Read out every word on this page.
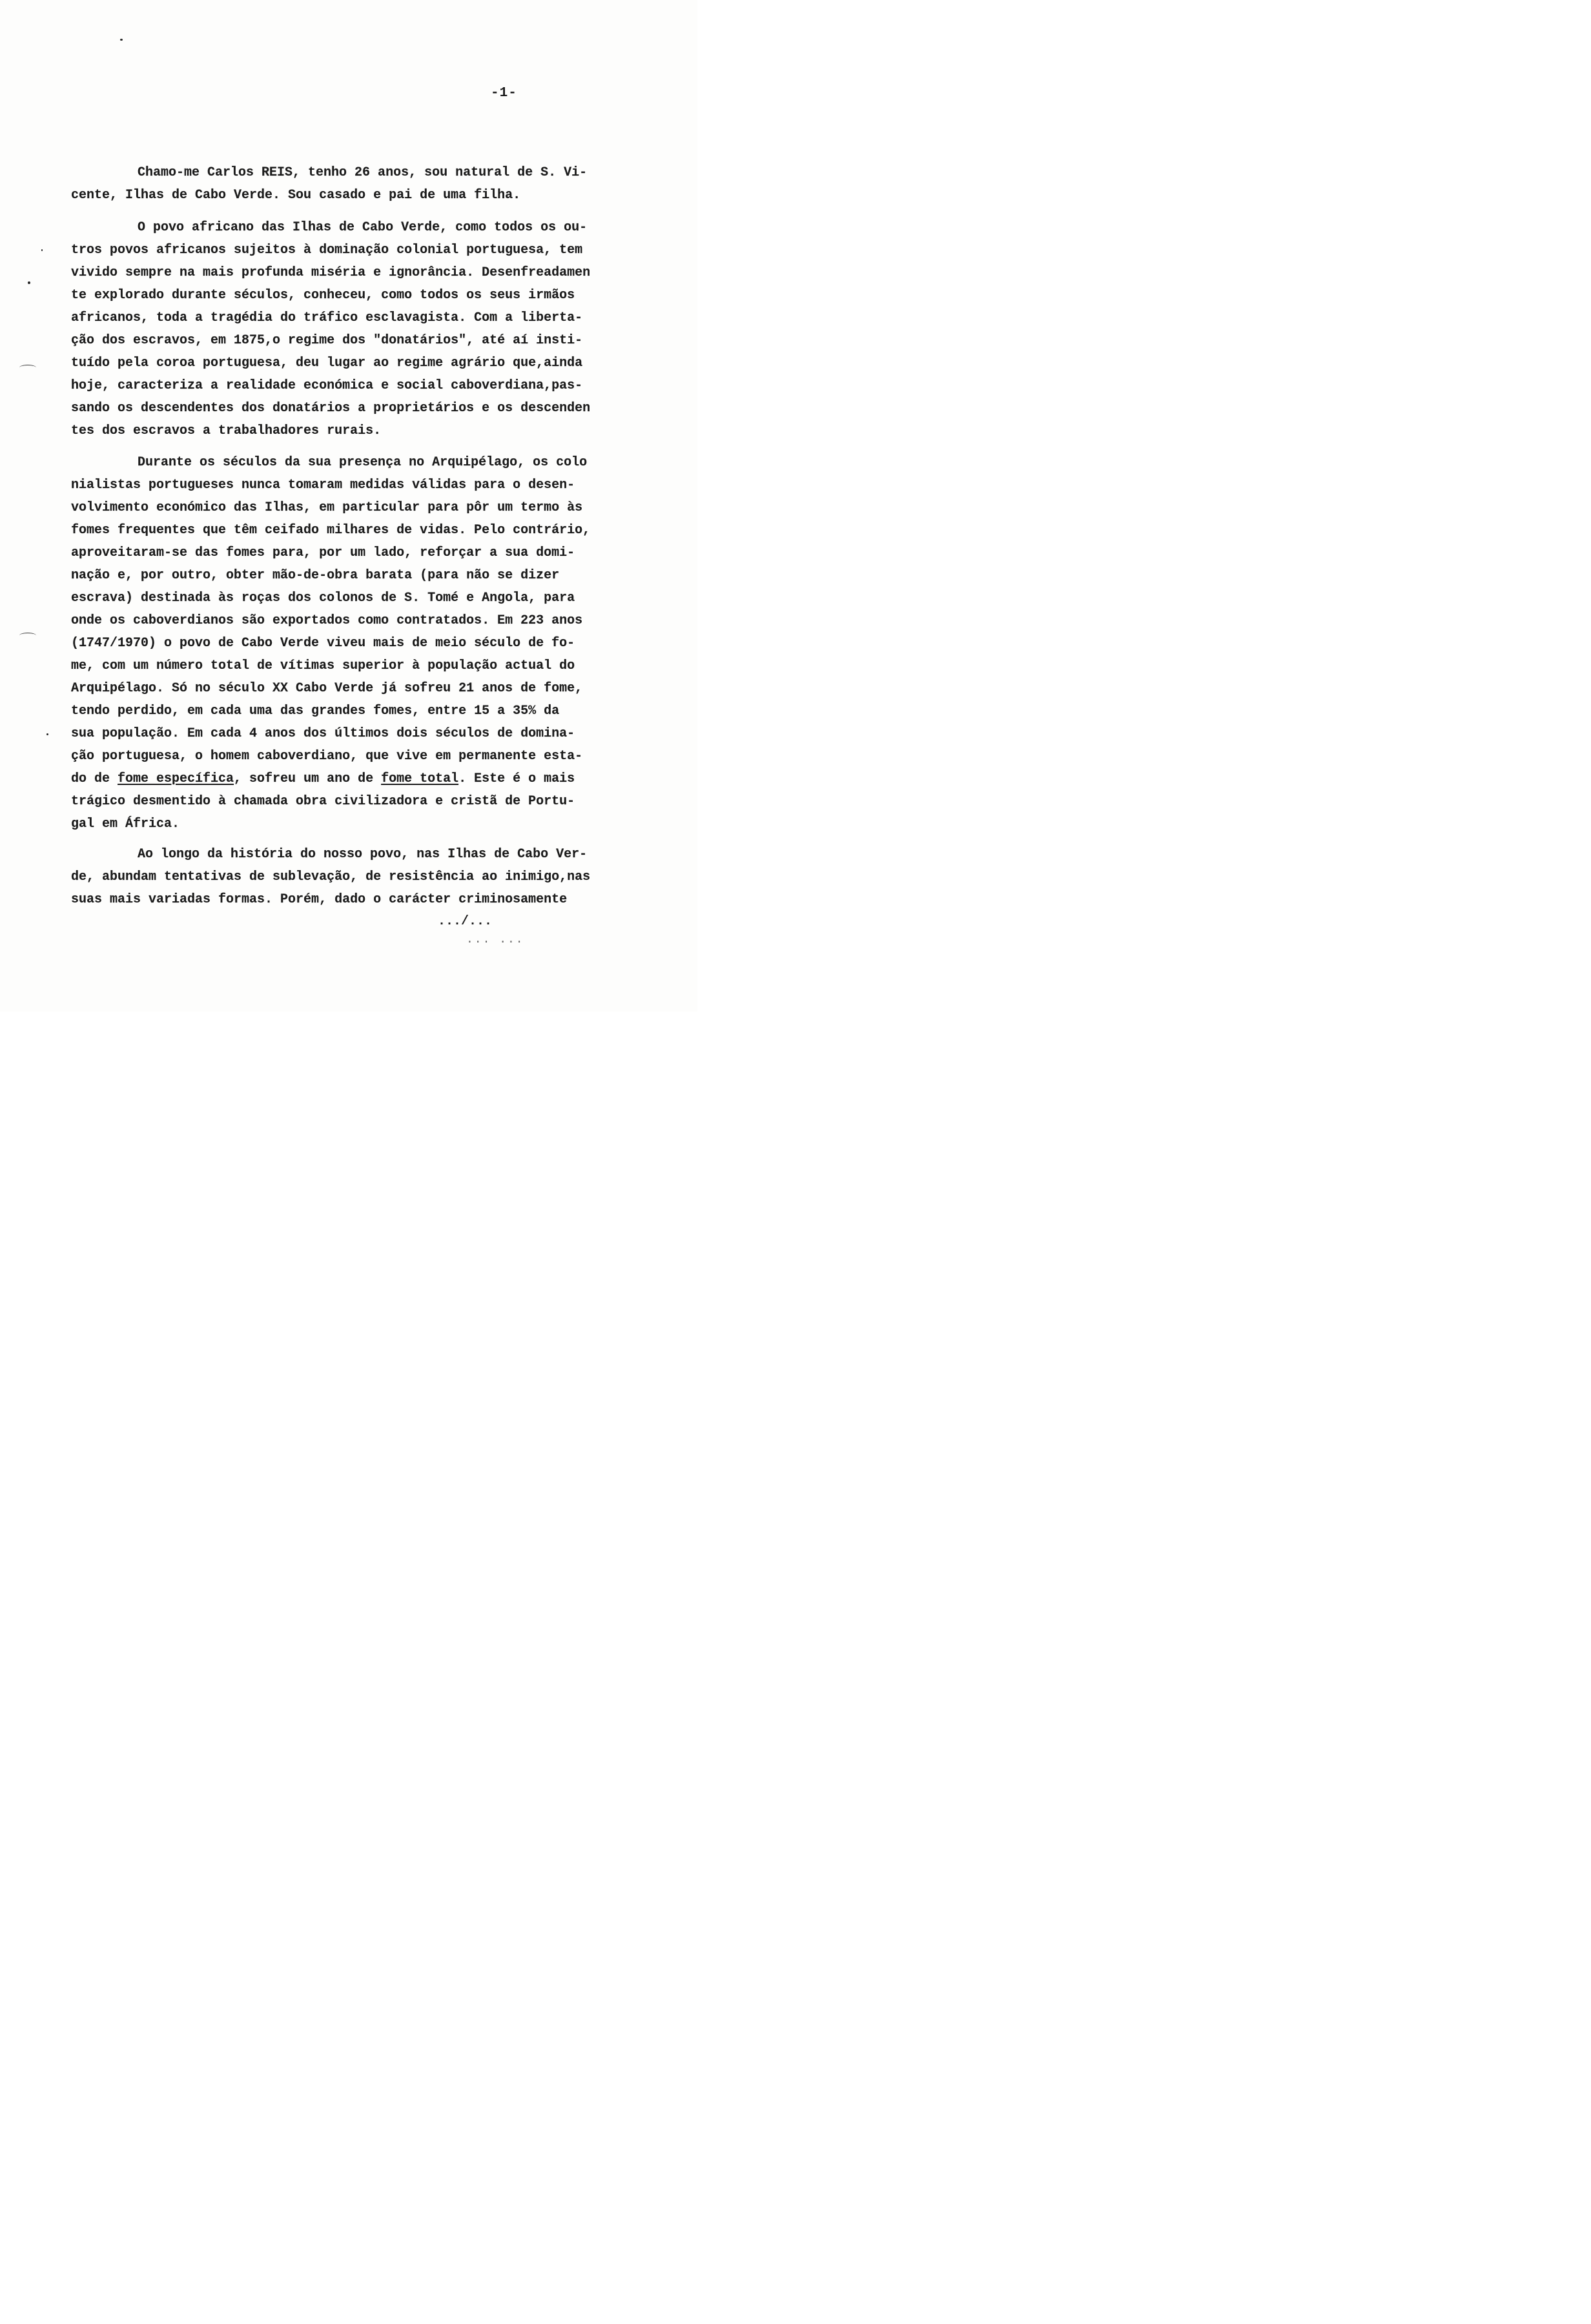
-1-

Chamo-me Carlos REIS, tenho 26 anos, sou natural de S. Vi-

cente, Ilhas de Cabo Verde. Sou casado e pai de uma filha.

O povo africano das Ilhas de Cabo Verde, como todos os ou-

tros povos africanos sujeitos à dominação colonial portuguesa, tem

vivido sempre na mais profunda miséria e ignorância. Desenfreadamen

te explorado durante séculos, conheceu, como todos os seus irmãos

africanos, toda a tragédia do tráfico esclavagista. Com a liberta-

ção dos escravos, em 1875,o regime dos "donatários", até aí insti-

tuído pela coroa portuguesa, deu lugar ao regime agrário que,ainda

hoje, caracteriza a realidade económica e social caboverdiana,pas-

sando os descendentes dos donatários a proprietários e os descenden

tes dos escravos a trabalhadores rurais.

Durante os séculos da sua presença no Arquipélago, os colo

nialistas portugueses nunca tomaram medidas válidas para o desen-

volvimento económico das Ilhas, em particular para pôr um termo às

fomes frequentes que têm ceifado milhares de vidas. Pelo contrário,

aproveitaram-se das fomes para, por um lado, reforçar a sua domi-

nação e, por outro, obter mão-de-obra barata (para não se dizer

escrava) destinada às roças dos colonos de S. Tomé e Angola, para

onde os caboverdianos são exportados como contratados. Em 223 anos

(1747/1970) o povo de Cabo Verde viveu mais de meio século de fo-

me, com um número total de vítimas superior à população actual do

Arquipélago. Só no século XX Cabo Verde já sofreu 21 anos de fome,

tendo perdido, em cada uma das grandes fomes, entre 15 a 35% da

sua população. Em cada 4 anos dos últimos dois séculos de domina-

ção portuguesa, o homem caboverdiano, que vive em permanente esta-

do de fome específica, sofreu um ano de fome total. Este é o mais

trágico desmentido à chamada obra civilizadora e cristã de Portu-

gal em África.

Ao longo da história do nosso povo, nas Ilhas de Cabo Ver-

de, abundam tentativas de sublevação, de resistência ao inimigo,nas

suas mais variadas formas. Porém, dado o carácter criminosamente

.../...
... ...
